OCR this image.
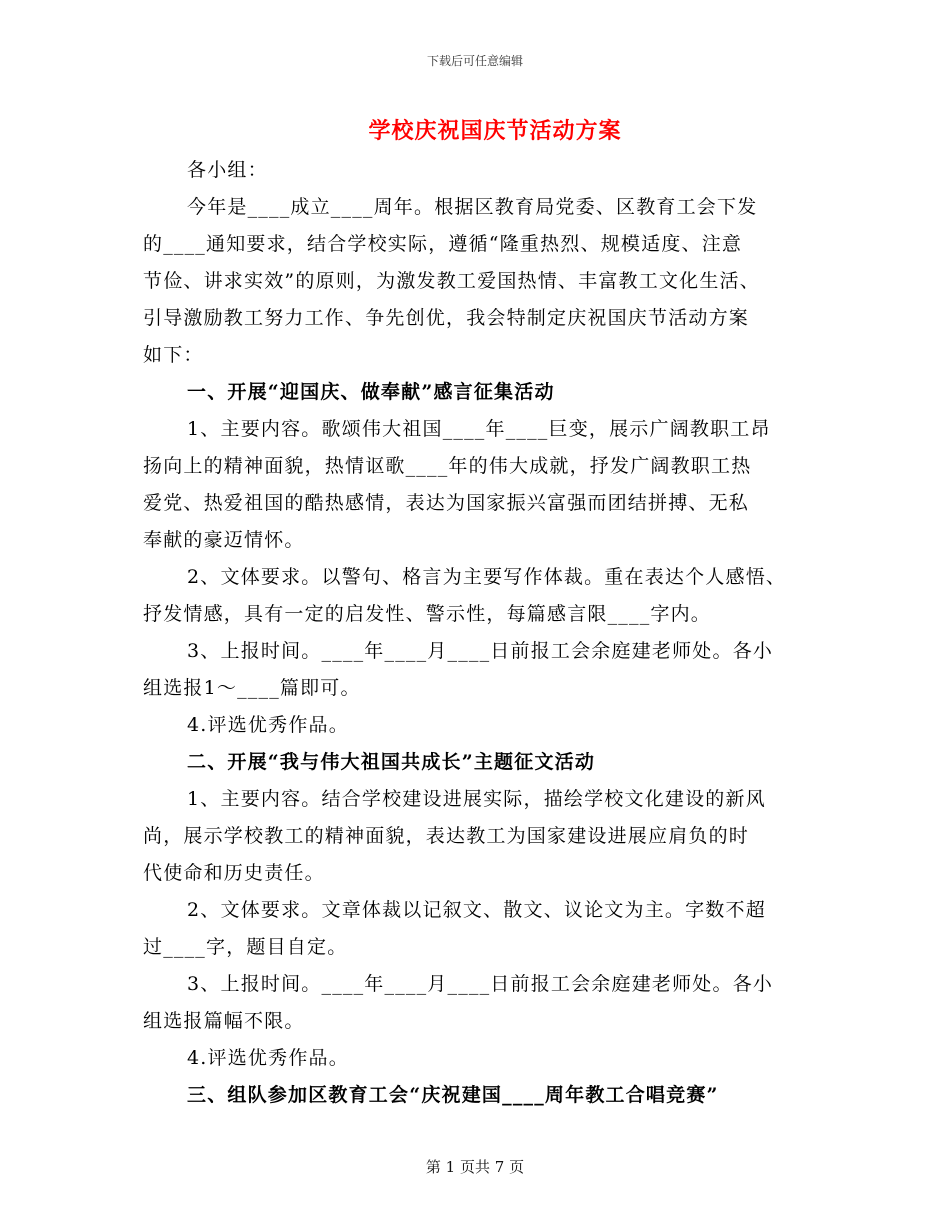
下载后可任意编辑
学校庆祝国庆节活动方案
各小组：
今年是____成立____周年。根据区教育局党委、区教育工会下发
的____通知要求，结合学校实际，遵循“隆重热烈、规模适度、注意
节俭、讲求实效”的原则，为激发教工爱国热情、丰富教工文化生活、
引导激励教工努力工作、争先创优，我会特制定庆祝国庆节活动方案
如下：
一、开展“迎国庆、做奉献”感言征集活动
1、主要内容。歌颂伟大祖国____年____巨变，展示广阔教职工昂
扬向上的精神面貌，热情讴歌____年的伟大成就，抒发广阔教职工热
爱党、热爱祖国的酷热感情，表达为国家振兴富强而团结拼搏、无私
奉献的豪迈情怀。
2、文体要求。以警句、格言为主要写作体裁。重在表达个人感悟、
抒发情感，具有一定的启发性、警示性，每篇感言限____字内。
3、上报时间。____年____月____日前报工会余庭建老师处。各小
组选报1～____篇即可。
4.评选优秀作品。
二、开展“我与伟大祖国共成长”主题征文活动
1、主要内容。结合学校建设进展实际，描绘学校文化建设的新风
尚，展示学校教工的精神面貌，表达教工为国家建设进展应肩负的时
代使命和历史责任。
2、文体要求。文章体裁以记叙文、散文、议论文为主。字数不超
过____字，题目自定。
3、上报时间。____年____月____日前报工会余庭建老师处。各小
组选报篇幅不限。
4.评选优秀作品。
三、组队参加区教育工会“庆祝建国____周年教工合唱竞赛”
第 1 页共 7 页
